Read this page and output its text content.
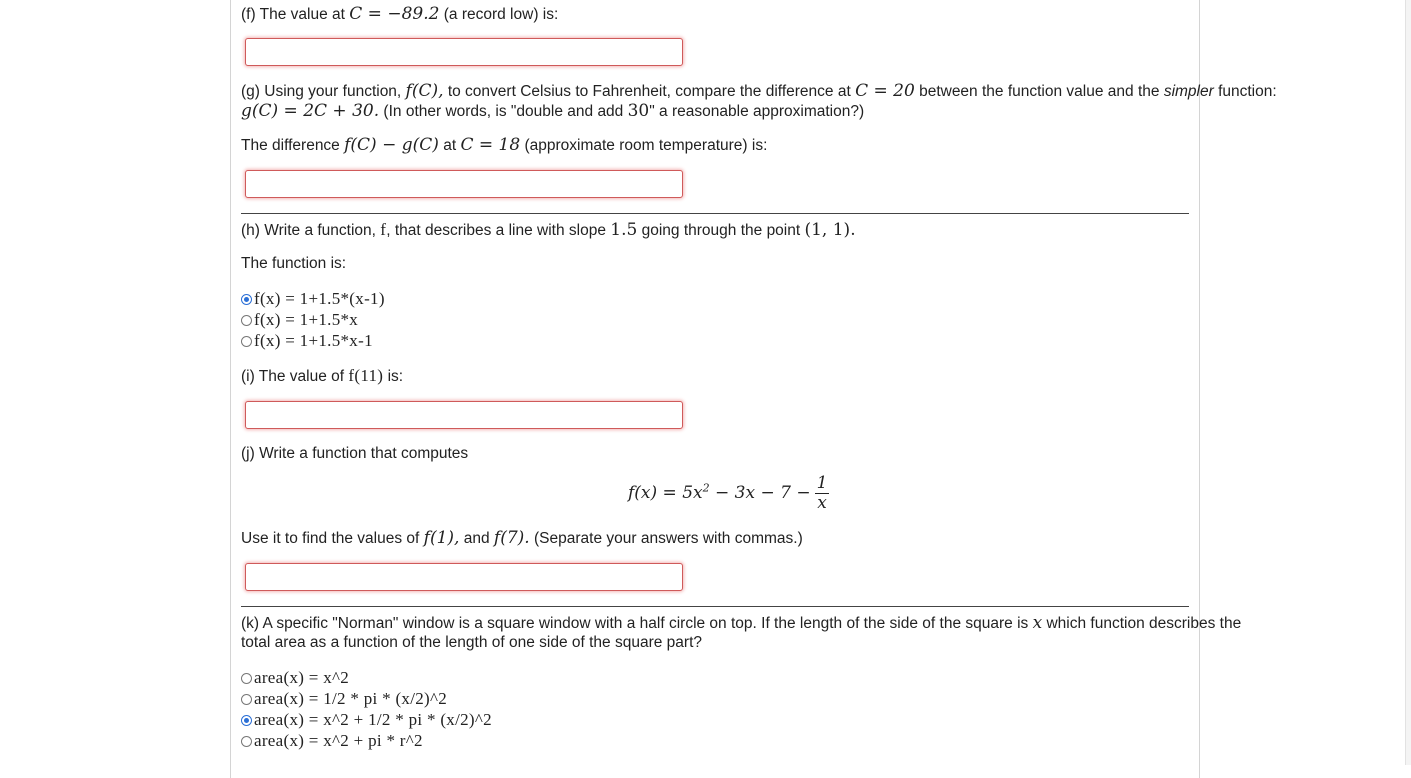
(f) The value at C = −89.2 (a record low) is:
(g) Using your function, f(C), to convert Celsius to Fahrenheit, compare the difference at C = 20 between the function value and the simpler function:
g(C) = 2C + 30. (In other words, is "double and add 30" a reasonable approximation?)
The difference f(C) − g(C) at C = 18 (approximate room temperature) is:
(h) Write a function, f, that describes a line with slope 1.5 going through the point (1, 1).
The function is:
f(x) = 1+1.5*(x-1)
f(x) = 1+1.5*x
f(x) = 1+1.5*x-1
(i) The value of f(11) is:
(j) Write a function that computes
$f(x) = 5x^2 - 3x - 7 - \frac{1}{x}$
Use it to find the values of f(1), and f(7). (Separate your answers with commas.)
(k) A specific "Norman" window is a square window with a half circle on top. If the length of the side of the square is x which function describes the
total area as a function of the length of one side of the square part?
area(x) = x^2
area(x) = 1/2 * pi * (x/2)^2
area(x) = x^2 + 1/2 * pi * (x/2)^2
area(x) = x^2 + pi * r^2
